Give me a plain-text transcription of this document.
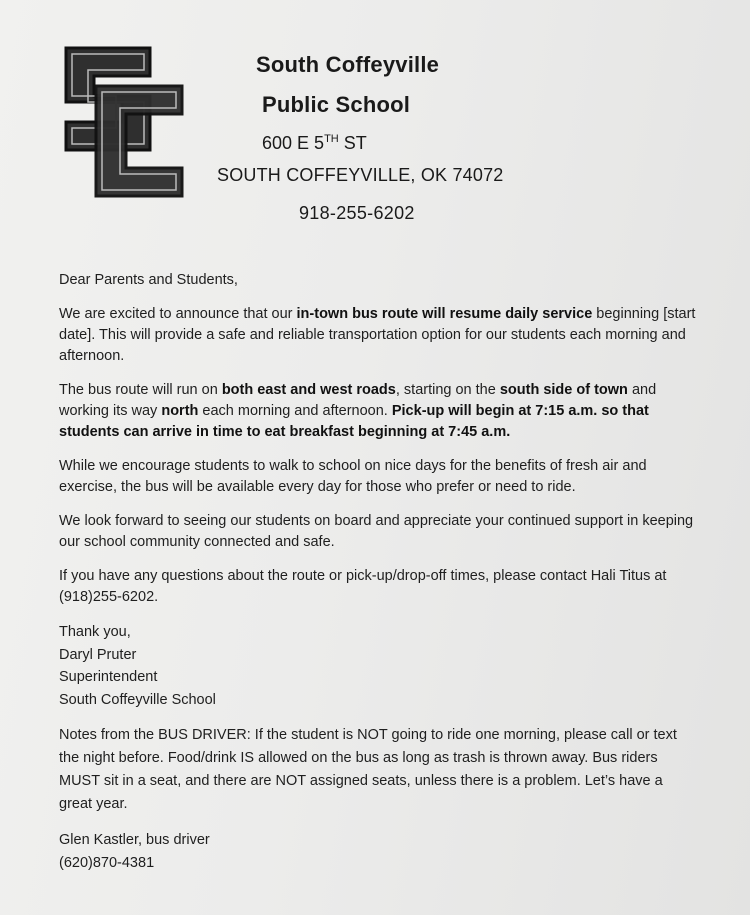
South Coffeyville
Public School
600 E 5TH ST
SOUTH COFFEYVILLE, OK 74072
918-255-6202

Dear Parents and Students,

We are excited to announce that our in-town bus route will resume daily service beginning [start date]. This will provide a safe and reliable transportation option for our students each morning and afternoon.

The bus route will run on both east and west roads, starting on the south side of town and working its way north each morning and afternoon. Pick-up will begin at 7:15 a.m. so that students can arrive in time to eat breakfast beginning at 7:45 a.m.

While we encourage students to walk to school on nice days for the benefits of fresh air and exercise, the bus will be available every day for those who prefer or need to ride.

We look forward to seeing our students on board and appreciate your continued support in keeping our school community connected and safe.

If you have any questions about the route or pick-up/drop-off times, please contact Hali Titus at (918)255-6202.

Thank you,
Daryl Pruter
Superintendent
South Coffeyville School

Notes from the BUS DRIVER: If the student is NOT going to ride one morning, please call or text the night before. Food/drink IS allowed on the bus as long as trash is thrown away. Bus riders MUST sit in a seat, and there are NOT assigned seats, unless there is a problem. Let’s have a great year.

Glen Kastler, bus driver
(620)870-4381
